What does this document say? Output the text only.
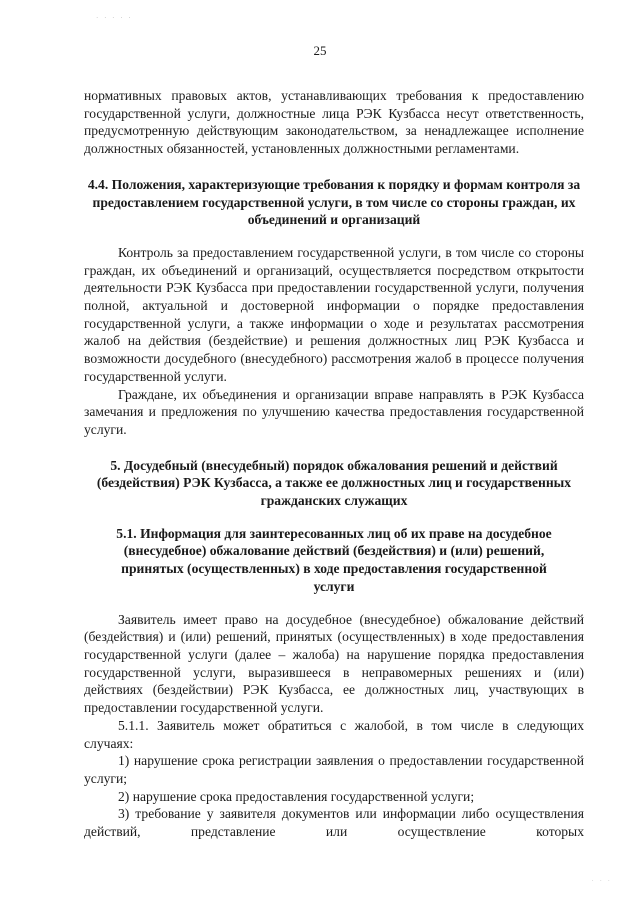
· · · · ·
25

нормативных правовых актов, устанавливающих требования к предоставлению государственной услуги, должностные лица РЭК Кузбасса несут ответственность, предусмотренную действующим законодательством, за ненадлежащее исполнение должностных обязанностей, установленных должностными регламентами.

4.4. Положения, характеризующие требования к порядку и формам контроля за предоставлением государственной услуги, в том числе со стороны граждан, их объединений и организаций

Контроль за предоставлением государственной услуги, в том числе со стороны граждан, их объединений и организаций, осуществляется посредством открытости деятельности РЭК Кузбасса при предоставлении государственной услуги, получения полной, актуальной и достоверной информации о порядке предоставления государственной услуги, а также информации о ходе и результатах рассмотрения жалоб на действия (бездействие) и решения должностных лиц РЭК Кузбасса и возможности досудебного (внесудебного) рассмотрения жалоб в процессе получения государственной услуги.

Граждане, их объединения и организации вправе направлять в РЭК Кузбасса замечания и предложения по улучшению качества предоставления государственной услуги.

5. Досудебный (внесудебный) порядок обжалования решений и действий (бездействия) РЭК Кузбасса, а также ее должностных лиц и государственных гражданских служащих

5.1. Информация для заинтересованных лиц об их праве на досудебное (внесудебное) обжалование действий (бездействия) и (или) решений, принятых (осуществленных) в ходе предоставления государственной услуги

Заявитель имеет право на досудебное (внесудебное) обжалование действий (бездействия) и (или) решений, принятых (осуществленных) в ходе предоставления государственной услуги (далее – жалоба) на нарушение порядка предоставления государственной услуги, выразившееся в неправомерных решениях и (или) действиях (бездействии) РЭК Кузбасса, ее должностных лиц, участвующих в предоставлении государственной услуги.

5.1.1. Заявитель может обратиться с жалобой, в том числе в следующих случаях:

1) нарушение срока регистрации заявления о предоставлении государственной услуги;

2) нарушение срока предоставления государственной услуги;

3) требование у заявителя документов или информации либо осуществления действий, представление или осуществление которых

· · ·
